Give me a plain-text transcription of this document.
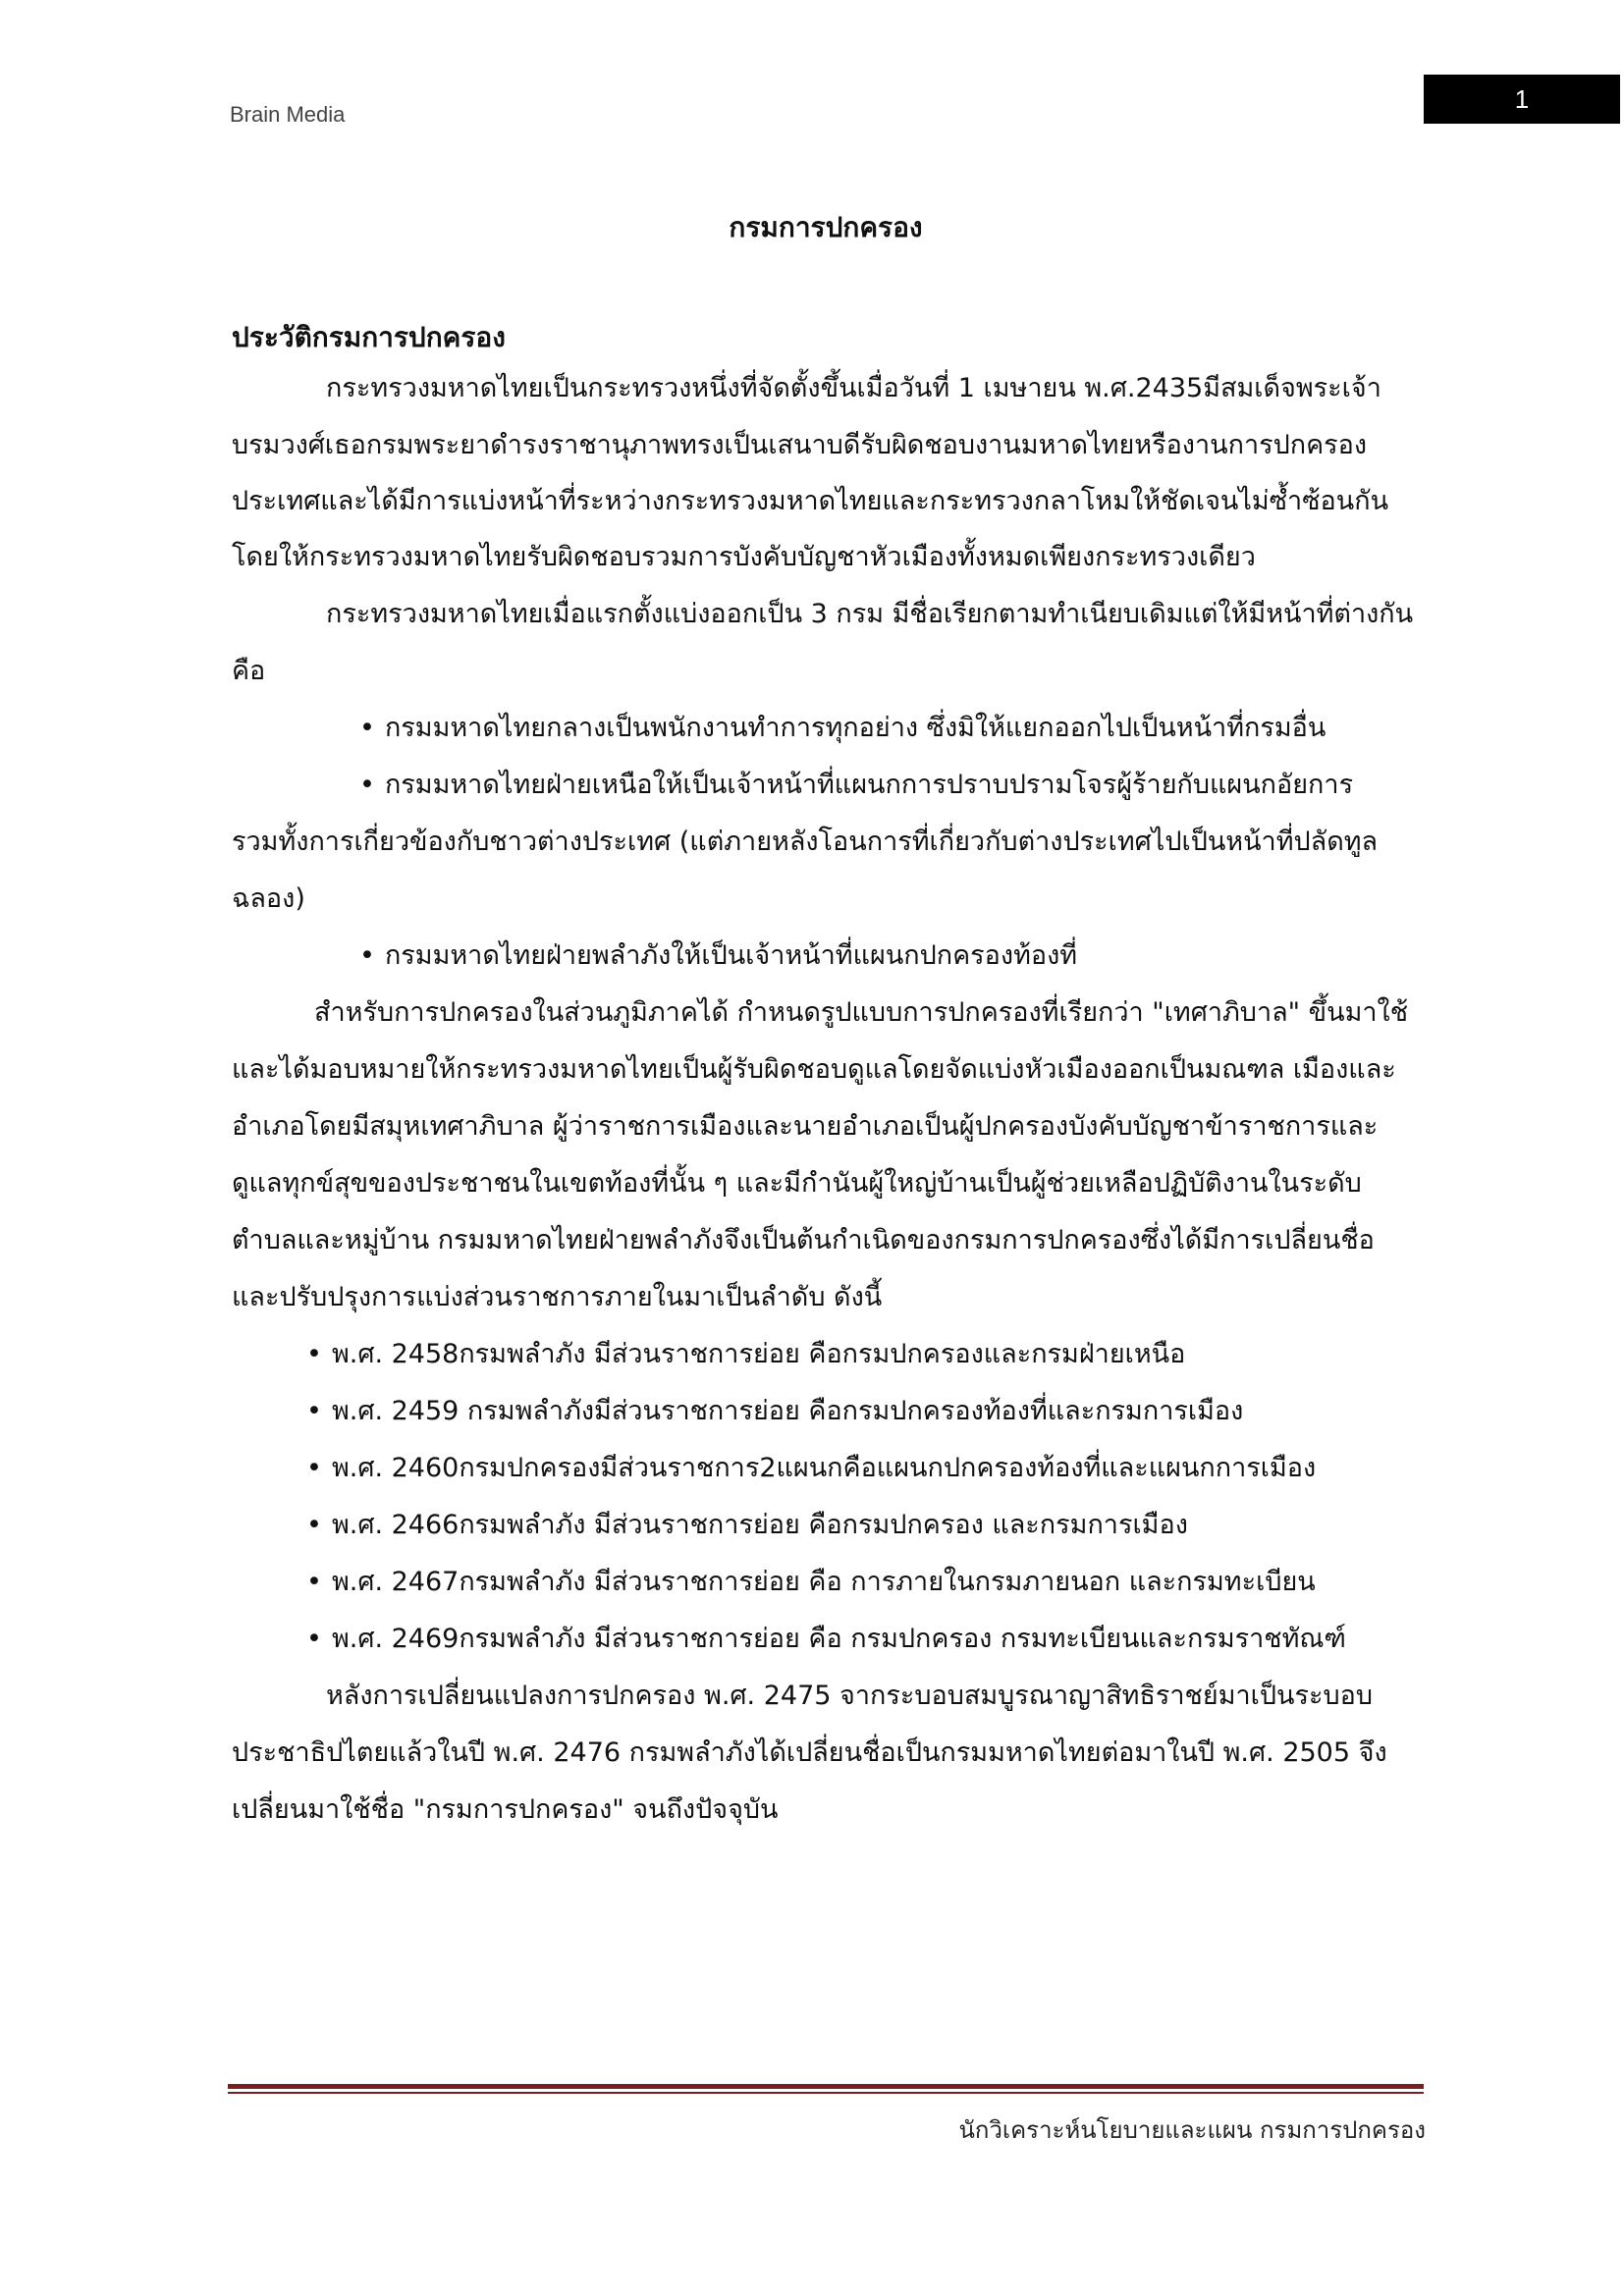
Brain Media
1
กรมการปกครอง
ประวัติกรมการปกครอง

กระทรวงมหาดไทยเป็นกระทรวงหนึ่งที่จัดตั้งขึ้นเมื่อวันที่ 1 เมษายน พ.ศ.2435มีสมเด็จพระเจ้า

บรมวงศ์เธอกรมพระยาดำรงราชานุภาพทรงเป็นเสนาบดีรับผิดชอบงานมหาดไทยหรืองานการปกครอง

ประเทศและได้มีการแบ่งหน้าที่ระหว่างกระทรวงมหาดไทยและกระทรวงกลาโหมให้ชัดเจนไม่ซ้ำซ้อนกัน

โดยให้กระทรวงมหาดไทยรับผิดชอบรวมการบังคับบัญชาหัวเมืองทั้งหมดเพียงกระทรวงเดียว

กระทรวงมหาดไทยเมื่อแรกตั้งแบ่งออกเป็น 3 กรม มีชื่อเรียกตามทำเนียบเดิมแต่ให้มีหน้าที่ต่างกัน

คือ

• กรมมหาดไทยกลางเป็นพนักงานทำการทุกอย่าง ซึ่งมิให้แยกออกไปเป็นหน้าที่กรมอื่น

• กรมมหาดไทยฝ่ายเหนือให้เป็นเจ้าหน้าที่แผนกการปราบปรามโจรผู้ร้ายกับแผนกอัยการ

รวมทั้งการเกี่ยวข้องกับชาวต่างประเทศ (แต่ภายหลังโอนการที่เกี่ยวกับต่างประเทศไปเป็นหน้าที่ปลัดทูล

ฉลอง)

• กรมมหาดไทยฝ่ายพลำภังให้เป็นเจ้าหน้าที่แผนกปกครองท้องที่

สำหรับการปกครองในส่วนภูมิภาคได้ กำหนดรูปแบบการปกครองที่เรียกว่า "เทศาภิบาล" ขึ้นมาใช้

และได้มอบหมายให้กระทรวงมหาดไทยเป็นผู้รับผิดชอบดูแลโดยจัดแบ่งหัวเมืองออกเป็นมณฑล เมืองและ

อำเภอโดยมีสมุหเทศาภิบาล ผู้ว่าราชการเมืองและนายอำเภอเป็นผู้ปกครองบังคับบัญชาข้าราชการและ

ดูแลทุกข์สุขของประชาชนในเขตท้องที่นั้น ๆ และมีกำนันผู้ใหญ่บ้านเป็นผู้ช่วยเหลือปฏิบัติงานในระดับ

ตำบลและหมู่บ้าน กรมมหาดไทยฝ่ายพลำภังจึงเป็นต้นกำเนิดของกรมการปกครองซึ่งได้มีการเปลี่ยนชื่อ

และปรับปรุงการแบ่งส่วนราชการภายในมาเป็นลำดับ ดังนี้

• พ.ศ. 2458กรมพลำภัง มีส่วนราชการย่อย คือกรมปกครองและกรมฝ่ายเหนือ

• พ.ศ. 2459 กรมพลำภังมีส่วนราชการย่อย คือกรมปกครองท้องที่และกรมการเมือง

• พ.ศ. 2460กรมปกครองมีส่วนราชการ2แผนกคือแผนกปกครองท้องที่และแผนกการเมือง

• พ.ศ. 2466กรมพลำภัง มีส่วนราชการย่อย คือกรมปกครอง และกรมการเมือง

• พ.ศ. 2467กรมพลำภัง มีส่วนราชการย่อย คือ การภายในกรมภายนอก และกรมทะเบียน

• พ.ศ. 2469กรมพลำภัง มีส่วนราชการย่อย คือ กรมปกครอง กรมทะเบียนและกรมราชทัณฑ์

หลังการเปลี่ยนแปลงการปกครอง พ.ศ. 2475 จากระบอบสมบูรณาญาสิทธิราชย์มาเป็นระบอบ

ประชาธิปไตยแล้วในปี พ.ศ. 2476 กรมพลำภังได้เปลี่ยนชื่อเป็นกรมมหาดไทยต่อมาในปี พ.ศ. 2505 จึง

เปลี่ยนมาใช้ชื่อ "กรมการปกครอง" จนถึงปัจจุบัน

นักวิเคราะห์นโยบายและแผน กรมการปกครอง
